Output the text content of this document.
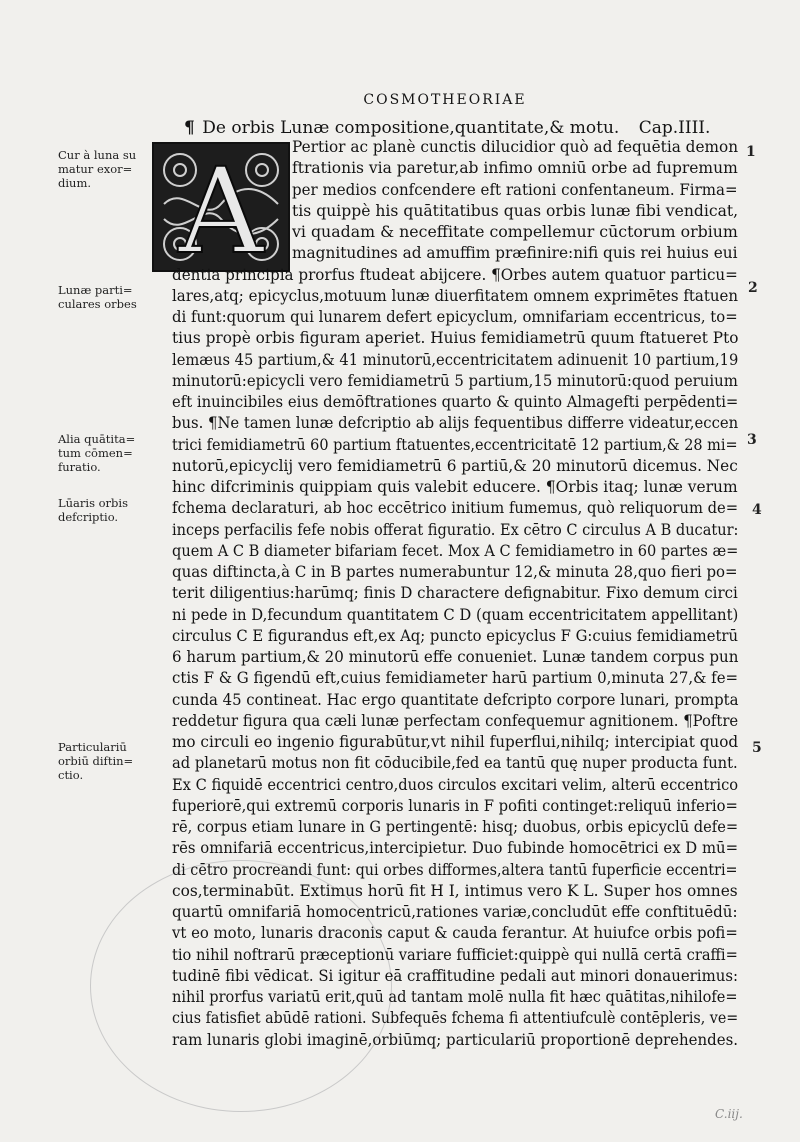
COSMOTHEORIAE
¶ De orbis Lunæ compositione,quantitate,& motu. Cap.IIII.
A Pertior ac planè cunctis dilucidior quò ad fequētia demon
ftrationis via paretur,ab infimo omniū orbe ad fupremum
per medios confcendere eft rationi confentaneum. Firma=
tis quippè his quātitatibus quas orbis lunæ fibi vendicat,
vi quadam & neceffitate compellemur cūctorum orbium
magnitudines ad amuffim præfinire:nifi quis rei huius eui
dentia principia prorfus ftudeat abijcere. ¶Orbes autem quatuor particu=
lares,atq; epicyclus,motuum lunæ diuerfitatem omnem exprimētes ftatuen
di funt:quorum qui lunarem defert epicyclum, omnifariam eccentricus, to=
tius propè orbis figuram aperiet. Huius femidiametrū quum ftatueret Pto
lemæus 45 partium,& 41 minutorū,eccentricitatem adinuenit 10 partium,19
minutorū:epicycli vero femidiametrū 5 partium,15 minutorū:quod peruium
eft inuincibiles eius demōftrationes quarto & quinto Almagefti perpēdenti=
bus. ¶Ne tamen lunæ defcriptio ab alijs fequentibus differre videatur,eccen
trici femidiametrū 60 partium ftatuentes,eccentricitatē 12 partium,& 28 mi=
nutorū,epicyclij vero femidiametrū 6 partiū,& 20 minutorū dicemus. Nec
hinc difcriminis quippiam quis valebit educere. ¶Orbis itaq; lunæ verum
fchema declaraturi, ab hoc eccētrico initium fumemus, quò reliquorum de=
inceps perfacilis fefe nobis offerat figuratio. Ex cētro C circulus A B ducatur:
quem A C B diameter bifariam fecet. Mox A C femidiametro in 60 partes æ=
quas diftincta,à C in B partes numerabuntur 12,& minuta 28,quo fieri po=
terit diligentius:harūmq; finis D charactere defignabitur. Fixo demum circi
ni pede in D,fecundum quantitatem C D (quam eccentricitatem appellitant)
circulus C E figurandus eft,ex Aq; puncto epicyclus F G:cuius femidiametrū
6 harum partium,& 20 minutorū effe conueniet. Lunæ tandem corpus pun
ctis F & G figendū eft,cuius femidiameter harū partium 0,minuta 27,& fe=
cunda 45 contineat. Hac ergo quantitate defcripto corpore lunari, prompta
reddetur figura qua cæli lunæ perfectam confequemur agnitionem. ¶Poftre
mo circuli eo ingenio figurabūtur,vt nihil fuperflui,nihilq; intercipiat quod
ad planetarū motus non fit cōducibile,fed ea tantū quę nuper producta funt.
Ex C fiquidē eccentrici centro,duos circulos excitari velim, alterū eccentrico
fuperiorē,qui extremū corporis lunaris in F pofiti continget:reliquū inferio=
rē, corpus etiam lunare in G pertingentē: hisq; duobus, orbis epicyclū defe=
rēs omnifariā eccentricus,intercipietur. Duo fubinde homocētrici ex D mū=
di cētro procreandi funt: qui orbes difformes,altera tantū fuperficie eccentri=
cos,terminabūt. Extimus horū fit H I, intimus vero K L. Super hos omnes
quartū omnifariā homocentricū,rationes variæ,concludūt effe conftituēdū:
vt eo moto, lunaris draconis caput & cauda ferantur. At huiufce orbis pofi=
tio nihil noftrarū præceptionū variare fufficiet:quippè qui nullā certā craffi=
tudinē fibi vēdicat. Si igitur eā craffitudine pedali aut minori donauerimus:
nihil prorfus variatū erit,quū ad tantam molē nulla fit hæc quātitas,nihilofe=
cius fatisfiet abūdē rationi. Subfequēs fchema fi attentiufculè contēpleris, ve=
ram lunaris globi imaginē,orbiūmq; particulariū proportionē deprehendes.
Cur à luna su
matur exor=
dium.
Lunæ parti=
culares orbes
Alia quātita=
tum cōmen=
furatio.
Lūaris orbis
defcriptio.
Particulariū
orbiū diftin=
ctio.
1
2
3
4
5
C.iij.
